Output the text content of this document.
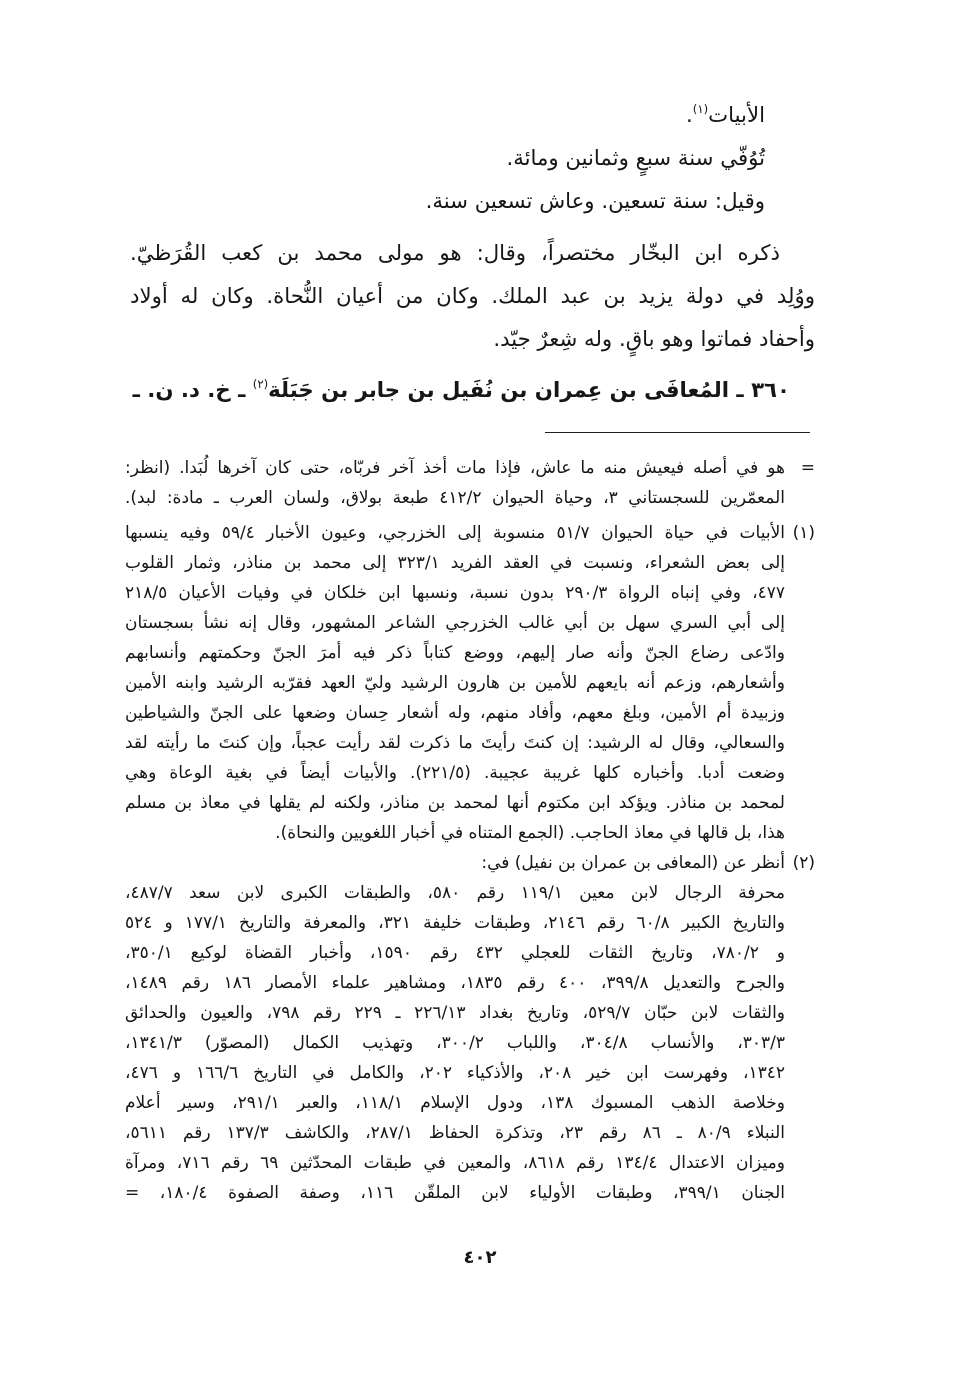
الأبيات$^{(١)}$.
تُوُفّي سنة سبعٍ وثمانين ومائة.
وقيل: سنة تسعين. وعاش تسعين سنة.
ذكره ابن البخّار مختصراً، وقال: هو مولى محمد بن كعب القُرَظيّ.
ووُلِد في دولة يزيد بن عبد الملك. وكان من أعيان النُّحاة. وكان له أولاد
وأحفاد فماتوا وهو باقٍ. وله شِعرٌ جيّد.
٣٦٠ ـ المُعافَى بن عِمران بن نُفَيل بن جابر بن جَبَلَة$^{(٢)}$ ـ خ. د. ن. ـ
=
هو في أصله فيعيش منه ما عاش، فإذا مات أخذ آخر فربّاه، حتى كان آخرها لُبَدا. (انظر:
المعمّرين للسجستاني ٣، وحياة الحيوان ٤١٢/٢ طبعة بولاق، ولسان العرب ـ مادة: لبد).
(١)
الأبيات في حياة الحيوان ٥١/٧ منسوبة إلى الخزرجي، وعيون الأخبار ٥٩/٤ وفيه ينسبها
إلى بعض الشعراء، ونسبت في العقد الفريد ٣٢٣/١ إلى محمد بن مناذر، وثمار القلوب
٤٧٧، وفي إنباه الرواة ٢٩٠/٣ بدون نسبة، ونسبها ابن خلكان في وفيات الأعيان ٢١٨/٥
إلى أبي السري سهل بن أبي غالب الخزرجي الشاعر المشهور، وقال إنه نشأ بسجستان
وادّعى رضاع الجنّ وأنه صار إليهم، ووضع كتاباً ذكر فيه أمرَ الجنّ وحكمتهم وأنسابهم
وأشعارهم، وزعم أنه بايعهم للأمين بن هارون الرشيد وليّ العهد فقرّبه الرشيد وابنه الأمين
وزبيدة أم الأمين، وبلغ معهم، وأفاد منهم، وله أشعار حِسان وضعها على الجنّ والشياطين
والسعالي، وقال له الرشيد: إن كنتَ رأيتَ ما ذكرت لقد رأيت عجباً، وإن كنتَ ما رأيته لقد
وضعت أدبا. وأخباره كلها غريبة عجيبة. (٢٢١/٥). والأبيات أيضاً في بغية الوعاة وهي
لمحمد بن مناذر. ويؤكد ابن مكتوم أنها لمحمد بن مناذر، ولكنه لم يقلها في معاذ بن مسلم
هذا، بل قالها في معاذ الحاجب. (الجمع المتناه في أخبار اللغويين والنحاة).
(٢)
أنظر عن (المعافى بن عمران بن نفيل) في:
محرفة الرجال لابن معين ١١٩/١ رقم ٥٨٠، والطبقات الكبرى لابن سعد ٤٨٧/٧،
والتاريخ الكبير ٦٠/٨ رقم ٢١٤٦، وطبقات خليفة ٣٢١، والمعرفة والتاريخ ١٧٧/١ و ٥٢٤
و ٧٨٠/٢، وتاريخ الثقات للعجلي ٤٣٢ رقم ١٥٩٠، وأخبار القضاة لوكيع ٣٥٠/١،
والجرح والتعديل ٣٩٩/٨، ٤٠٠ رقم ١٨٣٥، ومشاهير علماء الأمصار ١٨٦ رقم ١٤٨٩،
والثقات لابن حبّان ٥٢٩/٧، وتاريخ بغداد ٢٢٦/١٣ ـ ٢٢٩ رقم ٧٩٨، والعيون والحدائق
٣٠٣/٣، والأنساب ٣٠٤/٨، واللباب ٣٠٠/٢، وتهذيب الكمال (المصوّر) ١٣٤١/٣،
١٣٤٢، وفهرست ابن خير ٢٠٨، والأذكياء ٢٠٢، والكامل في التاريخ ١٦٦/٦ و ٤٧٦،
وخلاصة الذهب المسبوك ١٣٨، ودول الإسلام ١١٨/١، والعبر ٢٩١/١، وسير أعلام
النبلاء ٨٠/٩ ـ ٨٦ رقم ٢٣، وتذكرة الحفاظ ٢٨٧/١، والكاشف ١٣٧/٣ رقم ٥٦١١،
وميزان الاعتدال ١٣٤/٤ رقم ٨٦١٨، والمعين في طبقات المحدّثين ٦٩ رقم ٧١٦، ومرآة
الجنان ٣٩٩/١، وطبقات الأولياء لابن الملقّن ١١٦، وصفة الصفوة ١٨٠/٤، =
٤٠٢
